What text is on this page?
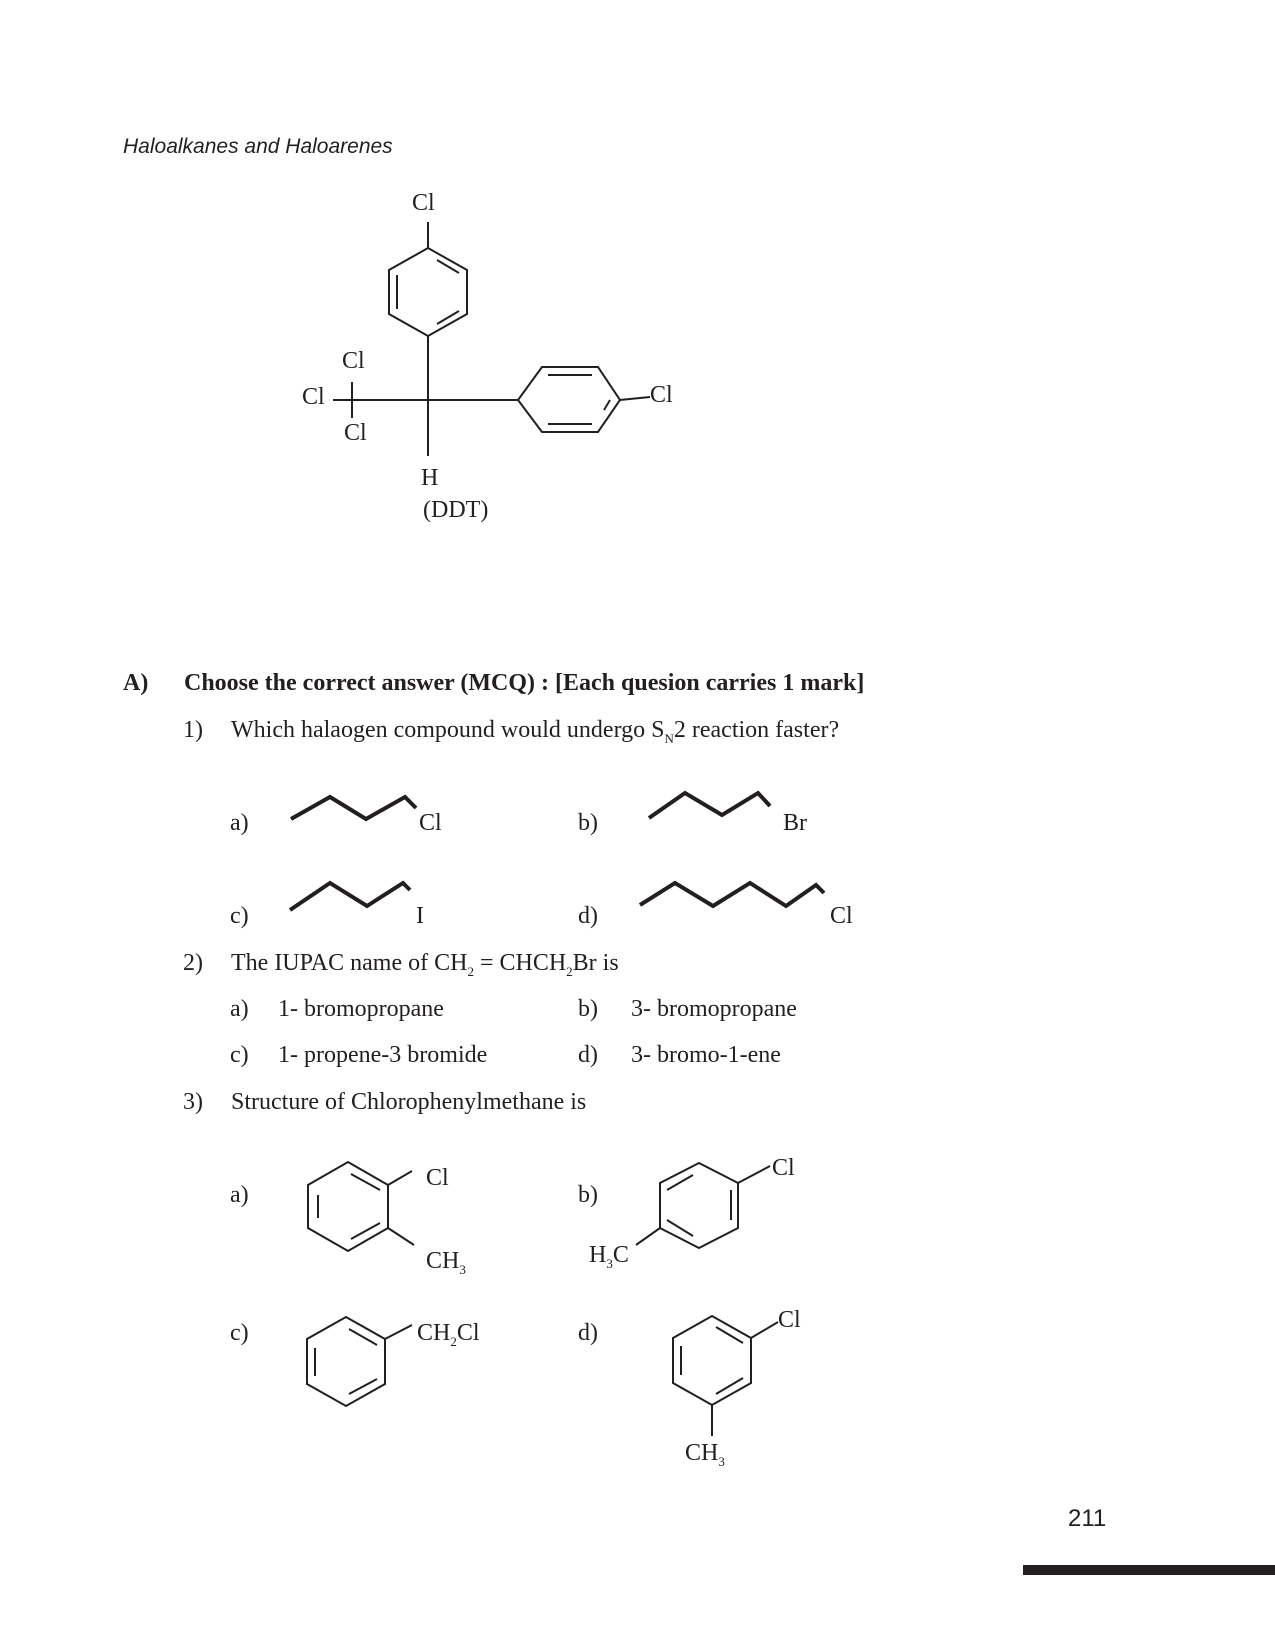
Haloalkanes and Haloarenes
Cl
Cl
Cl
Cl
Cl
H
(DDT)
A) Choose the correct answer (MCQ) : [Each quesion carries 1 mark]
1) Which halaogen compound would undergo $S_N2$ reaction faster?
a)	Cl	b)	Br
c)	I	d)	Cl
2) The IUPAC name of $CH_2$ = $CHCH_2Br$ is
a) 1- bromopropane	b) 3- bromopropane
c) 1- propene-3 bromide	d) 3- bromo-1-ene
3) Structure of Chlorophenylmethane is
a)
Cl
$CH_3$
b)
Cl
$H_3C$
c)	$CH_2Cl$	d)	Cl
$CH_3$
211
